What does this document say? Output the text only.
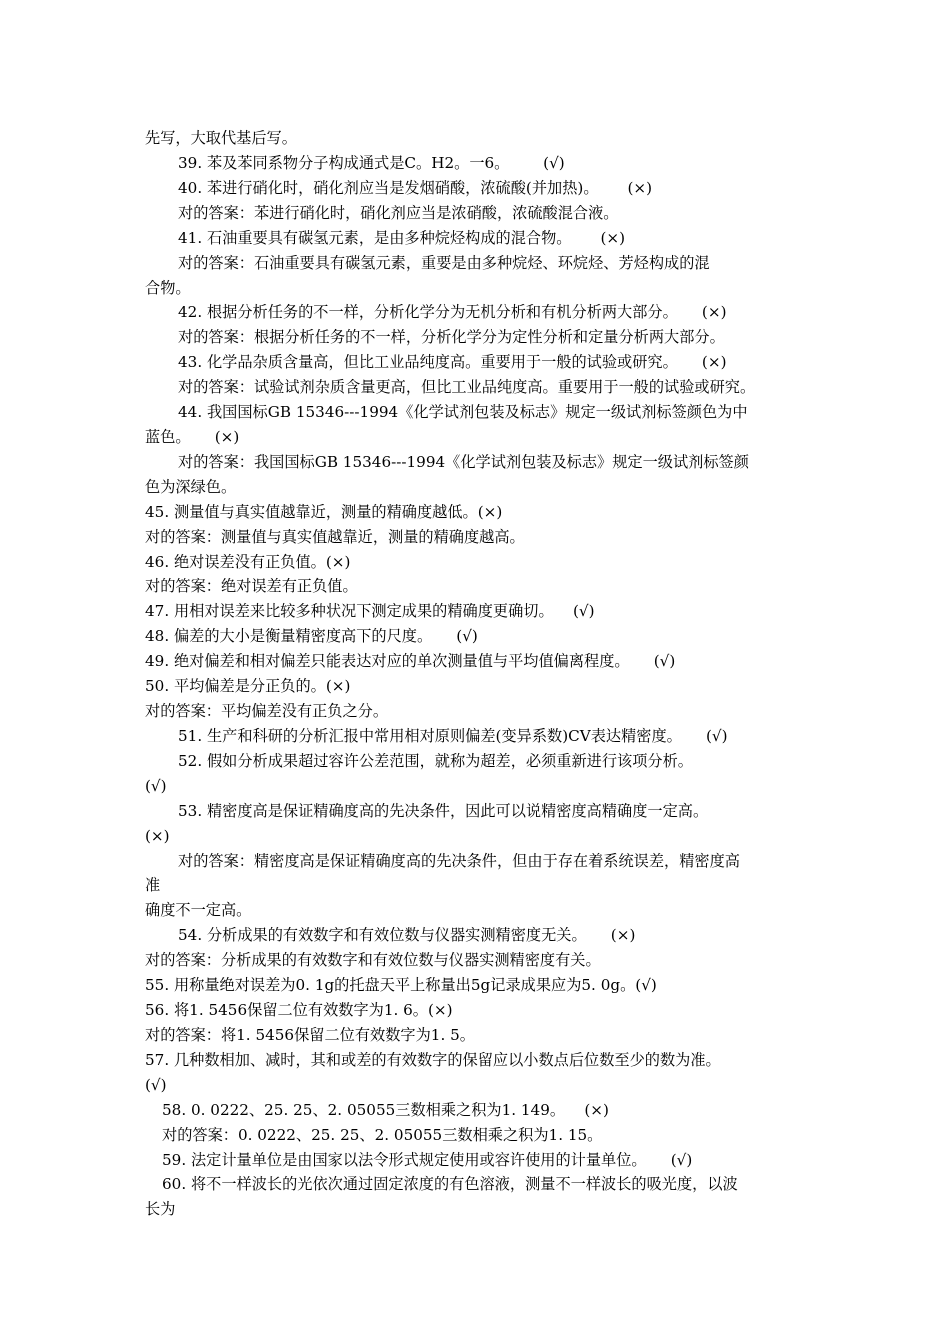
先写，大取代基后写。
39. 苯及苯同系物分子构成通式是C。H2。一6。       (√)
40. 苯进行硝化时，硝化剂应当是发烟硝酸，浓硫酸(并加热)。      (×)
对的答案：苯进行硝化时，硝化剂应当是浓硝酸，浓硫酸混合液。
41. 石油重要具有碳氢元素，是由多种烷烃构成的混合物。      (×)
对的答案：石油重要具有碳氢元素，重要是由多种烷烃、环烷烃、芳烃构成的混
合物。
42. 根据分析任务的不一样，分析化学分为无机分析和有机分析两大部分。     (×)
对的答案：根据分析任务的不一样，分析化学分为定性分析和定量分析两大部分。
43. 化学品杂质含量高，但比工业品纯度高。重要用于一般的试验或研究。     (×)
对的答案：试验试剂杂质含量更高，但比工业品纯度高。重要用于一般的试验或研究。
44. 我国国标GB 15346---1994《化学试剂包装及标志》规定一级试剂标签颜色为中
蓝色。     (×)
对的答案：我国国标GB 15346---1994《化学试剂包装及标志》规定一级试剂标签颜
色为深绿色。
45. 测量值与真实值越靠近，测量的精确度越低。(×)
对的答案：测量值与真实值越靠近，测量的精确度越高。
46. 绝对误差没有正负值。(×)
对的答案：绝对误差有正负值。
47. 用相对误差来比较多种状况下测定成果的精确度更确切。    (√)
48. 偏差的大小是衡量精密度高下的尺度。     (√)
49. 绝对偏差和相对偏差只能表达对应的单次测量值与平均值偏离程度。     (√)
50. 平均偏差是分正负的。(×)
对的答案：平均偏差没有正负之分。
51. 生产和科研的分析汇报中常用相对原则偏差(变异系数)CV表达精密度。     (√)
52. 假如分析成果超过容许公差范围，就称为超差，必须重新进行该项分析。
(√)
53. 精密度高是保证精确度高的先决条件，因此可以说精密度高精确度一定高。
(×)
对的答案：精密度高是保证精确度高的先决条件，但由于存在着系统误差，精密度高
准
确度不一定高。
54. 分析成果的有效数字和有效位数与仪器实测精密度无关。     (×)
对的答案：分析成果的有效数字和有效位数与仪器实测精密度有关。
55. 用称量绝对误差为0. 1g的托盘天平上称量出5g记录成果应为5. 0g。(√)
56. 将1. 5456保留二位有效数字为1. 6。(×)
对的答案：将1. 5456保留二位有效数字为1. 5。
57. 几种数相加、减时，其和或差的有效数字的保留应以小数点后位数至少的数为准。
(√)
58. 0. 0222、25. 25、2. 05055三数相乘之积为1. 149。    (×)
对的答案：0. 0222、25. 25、2. 05055三数相乘之积为1. 15。
59. 法定计量单位是由国家以法令形式规定使用或容许使用的计量单位。     (√)
60. 将不一样波长的光依次通过固定浓度的有色溶液，测量不一样波长的吸光度，以波
长为
